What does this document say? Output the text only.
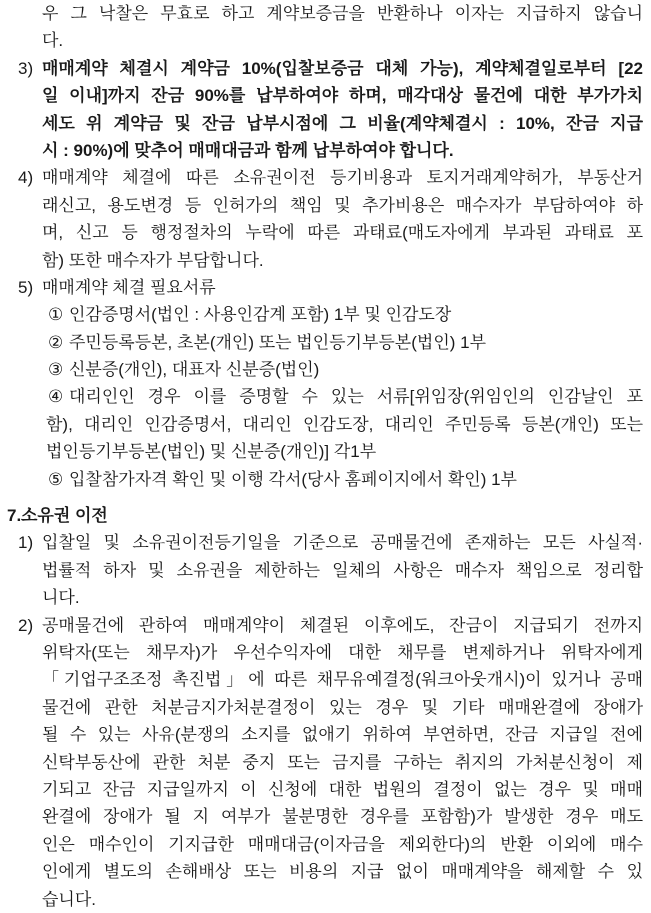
우 그 낙찰은 무효로 하고 계약보증금을 반환하나 이자는 지급하지 않습니
다.
3) 매매계약 체결시 계약금 10%(입찰보증금 대체 가능), 계약체결일로부터 [22
일 이내]까지 잔금 90%를 납부하여야 하며, 매각대상 물건에 대한 부가가치
세도 위 계약금 및 잔금 납부시점에 그 비율(계약체결시 : 10%, 잔금 지급
시 : 90%)에 맞추어 매매대금과 함께 납부하여야 합니다.
4) 매매계약 체결에 따른 소유권이전 등기비용과 토지거래계약허가, 부동산거
래신고, 용도변경 등 인허가의 책임 및 추가비용은 매수자가 부담하여야 하
며, 신고 등 행정절차의 누락에 따른 과태료(매도자에게 부과된 과태료 포
함) 또한 매수자가 부담합니다.
5) 매매계약 체결 필요서류
① 인감증명서(법인 : 사용인감계 포함) 1부 및 인감도장
② 주민등록등본, 초본(개인) 또는 법인등기부등본(법인) 1부
③ 신분증(개인), 대표자 신분증(법인)
④ 대리인인 경우 이를 증명할 수 있는 서류[위임장(위임인의 인감날인 포
함), 대리인 인감증명서, 대리인 인감도장, 대리인 주민등록 등본(개인) 또는
법인등기부등본(법인) 및 신분증(개인)] 각1부
⑤ 입찰참가자격 확인 및 이행 각서(당사 홈페이지에서 확인) 1부
7. 소유권 이전
1) 입찰일 및 소유권이전등기일을 기준으로 공매물건에 존재하는 모든 사실적·
법률적 하자 및 소유권을 제한하는 일체의 사항은 매수자 책임으로 정리합
니다.
2) 공매물건에 관하여 매매계약이 체결된 이후에도, 잔금이 지급되기 전까지
위탁자(또는 채무자)가 우선수익자에 대한 채무를 변제하거나 위탁자에게
「기업구조조정 촉진법」에 따른 채무유예결정(워크아웃개시)이 있거나 공매
물건에 관한 처분금지가처분결정이 있는 경우 및 기타 매매완결에 장애가
될 수 있는 사유(분쟁의 소지를 없애기 위하여 부연하면, 잔금 지급일 전에
신탁부동산에 관한 처분 중지 또는 금지를 구하는 취지의 가처분신청이 제
기되고 잔금 지급일까지 이 신청에 대한 법원의 결정이 없는 경우 및 매매
완결에 장애가 될 지 여부가 불분명한 경우를 포함함)가 발생한 경우 매도
인은 매수인이 기지급한 매매대금(이자금을 제외한다)의 반환 이외에 매수
인에게 별도의 손해배상 또는 비용의 지급 없이 매매계약을 해제할 수 있
습니다.
